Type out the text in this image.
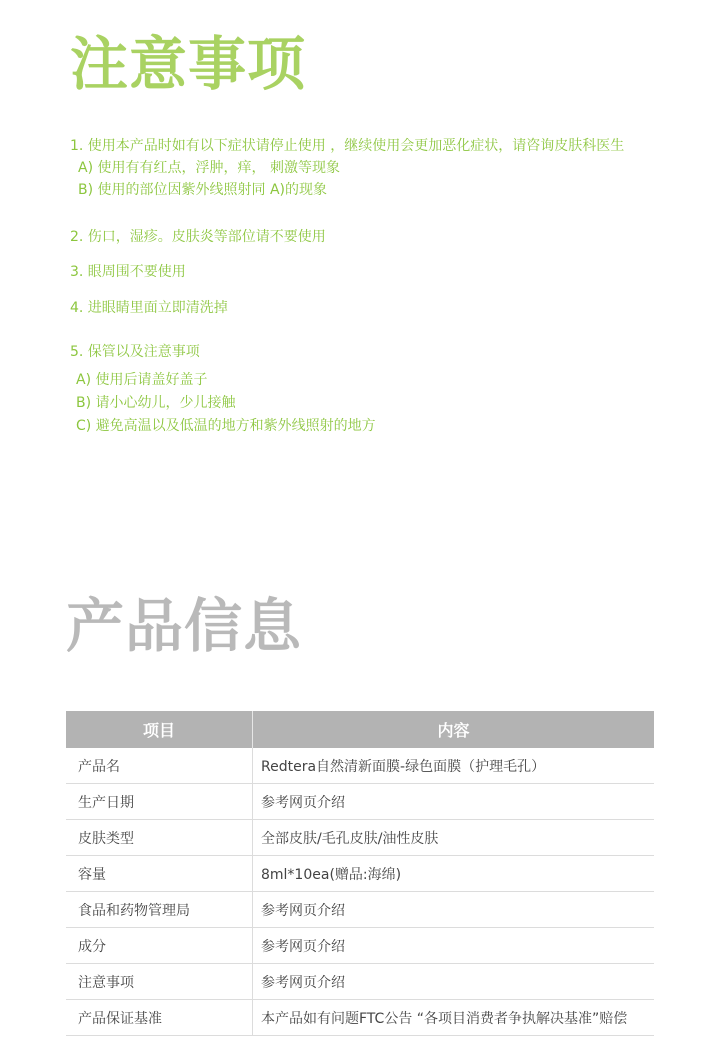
注意事项
1. 使用本产品时如有以下症状请停止使用 ，继续使用会更加恶化症状，请咨询皮肤科医生
A) 使用有有红点，浮肿，痒， 刺激等现象
B) 使用的部位因紫外线照射同 A)的现象
2. 伤口，湿疹。皮肤炎等部位请不要使用
3. 眼周围不要使用
4. 进眼睛里面立即清洗掉
5. 保管以及注意事项
A) 使用后请盖好盖子
B) 请小心幼儿，少儿接触
C) 避免高温以及低温的地方和紫外线照射的地方
产品信息
项目	内容
产品名	Redtera自然清新面膜-绿色面膜（护理毛孔）
生产日期	参考网页介绍
皮肤类型	全部皮肤/毛孔皮肤/油性皮肤
容量	8ml*10ea(赠品:海绵)
食品和药物管理局	参考网页介绍
成分	参考网页介绍
注意事项	参考网页介绍
产品保证基准	本产品如有问题FTC公告 “各项目消费者争执解决基准”赔偿
